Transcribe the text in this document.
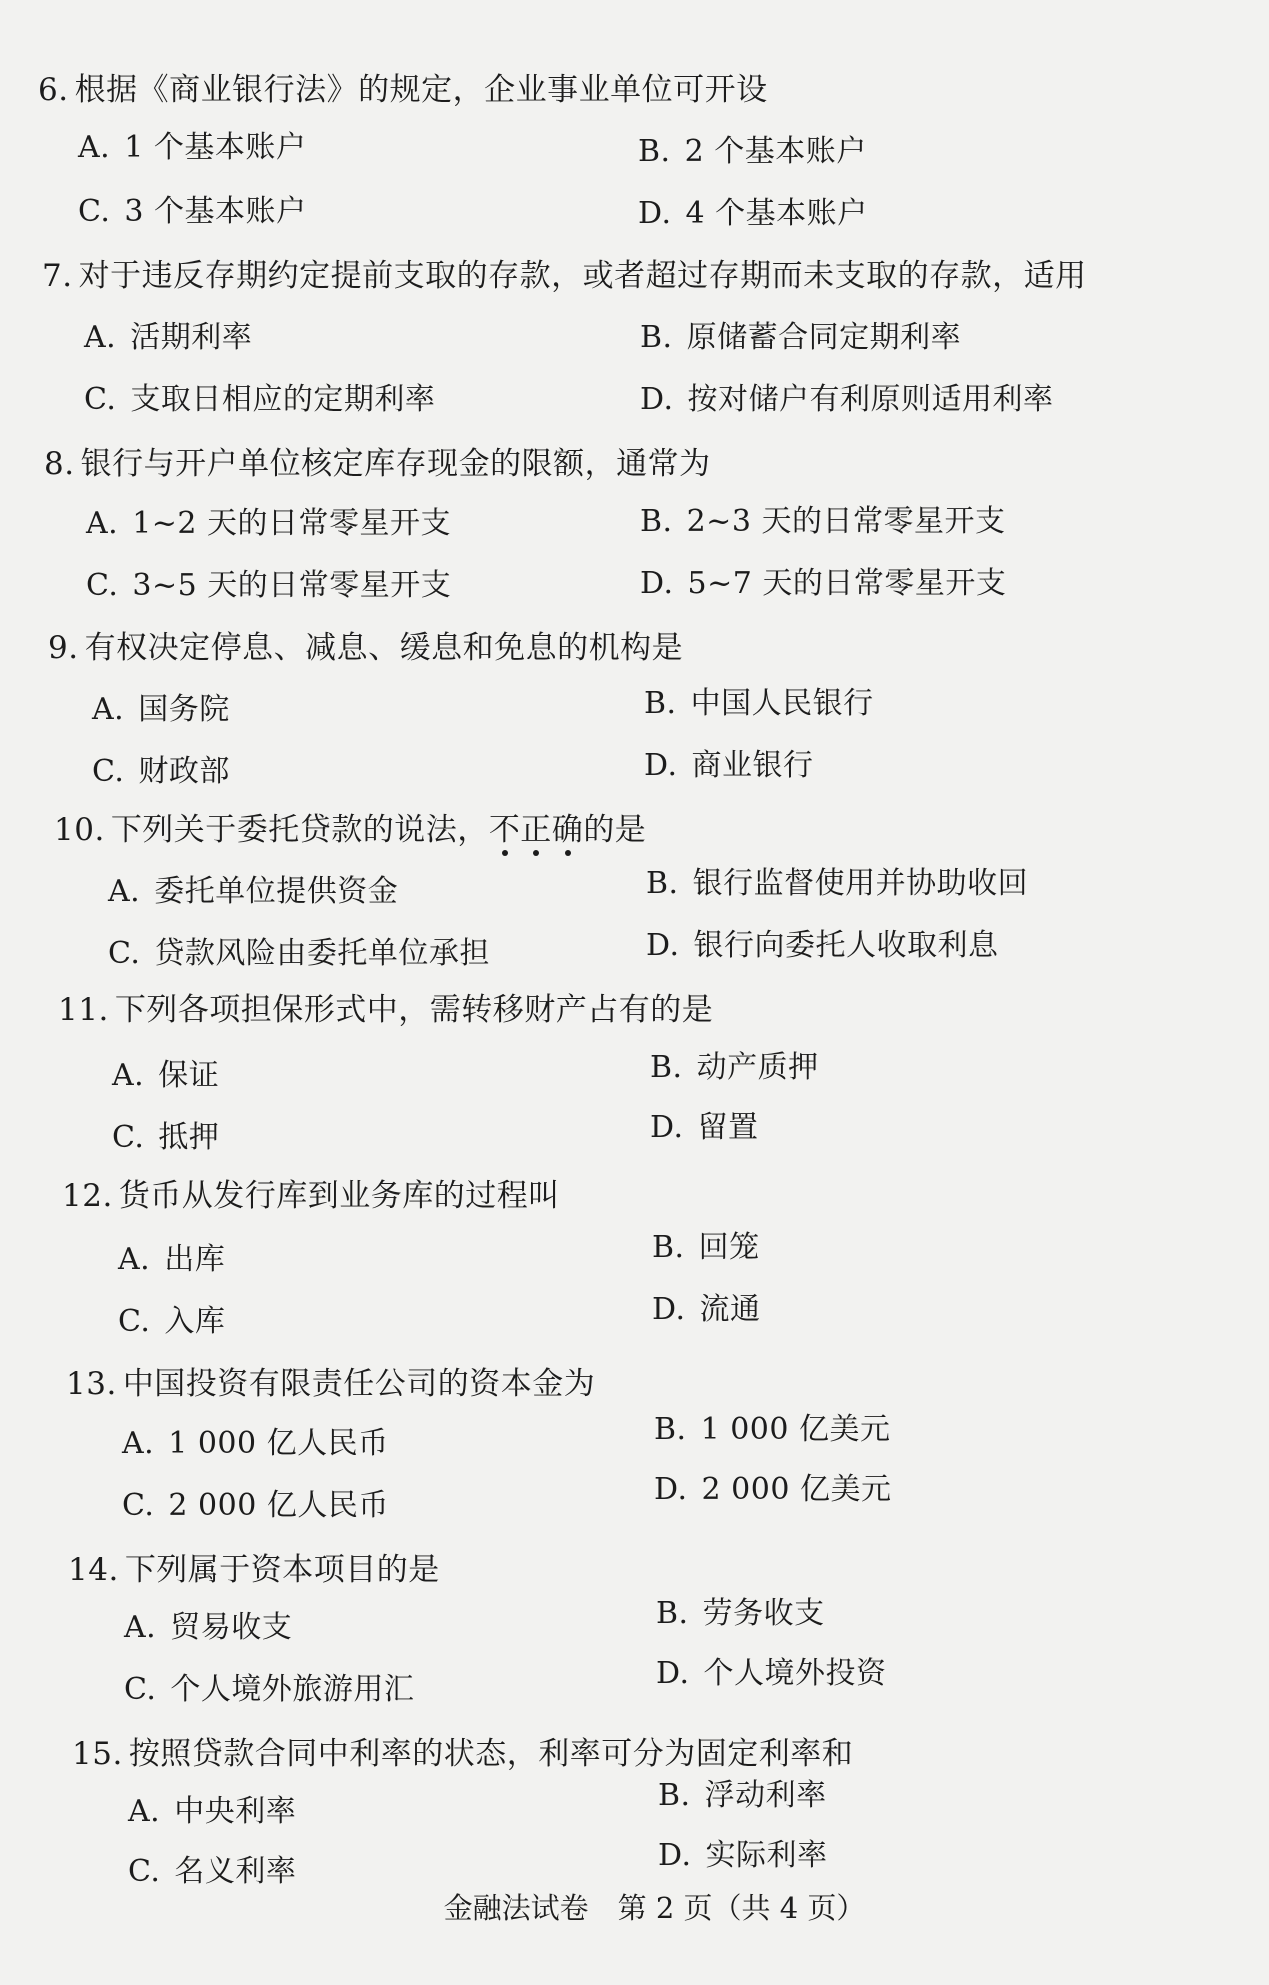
6. 根据《商业银行法》的规定，企业事业单位可开设
A. 1 个基本账户	B. 2 个基本账户
C. 3 个基本账户	D. 4 个基本账户
7. 对于违反存期约定提前支取的存款，或者超过存期而未支取的存款，适用
A. 活期利率	B. 原储蓄合同定期利率
C. 支取日相应的定期利率	D. 按对储户有利原则适用利率
8. 银行与开户单位核定库存现金的限额，通常为
A. 1~2 天的日常零星开支	B. 2~3 天的日常零星开支
C. 3~5 天的日常零星开支	D. 5~7 天的日常零星开支
9. 有权决定停息、减息、缓息和免息的机构是
A. 国务院	B. 中国人民银行
C. 财政部	D. 商业银行
10. 下列关于委托贷款的说法，不正确
的是
A. 委托单位提供资金	B. 银行监督使用并协助收回
C. 贷款风险由委托单位承担	D. 银行向委托人收取利息
11. 下列各项担保形式中，需转移财产占有的是
A. 保证	B. 动产质押
C. 抵押	D. 留置
12. 货币从发行库到业务库的过程叫
A. 出库	B. 回笼
C. 入库	D. 流通
13. 中国投资有限责任公司的资本金为
A. 1 000 亿人民币	B. 1 000 亿美元
C. 2 000 亿人民币	D. 2 000 亿美元
14. 下列属于资本项目的是
A. 贸易收支	B. 劳务收支
C. 个人境外旅游用汇	D. 个人境外投资
15. 按照贷款合同中利率的状态，利率可分为固定利率和
A. 中央利率	B. 浮动利率
C. 名义利率	D. 实际利率
金融法试卷　第 2 页（共 4 页）
